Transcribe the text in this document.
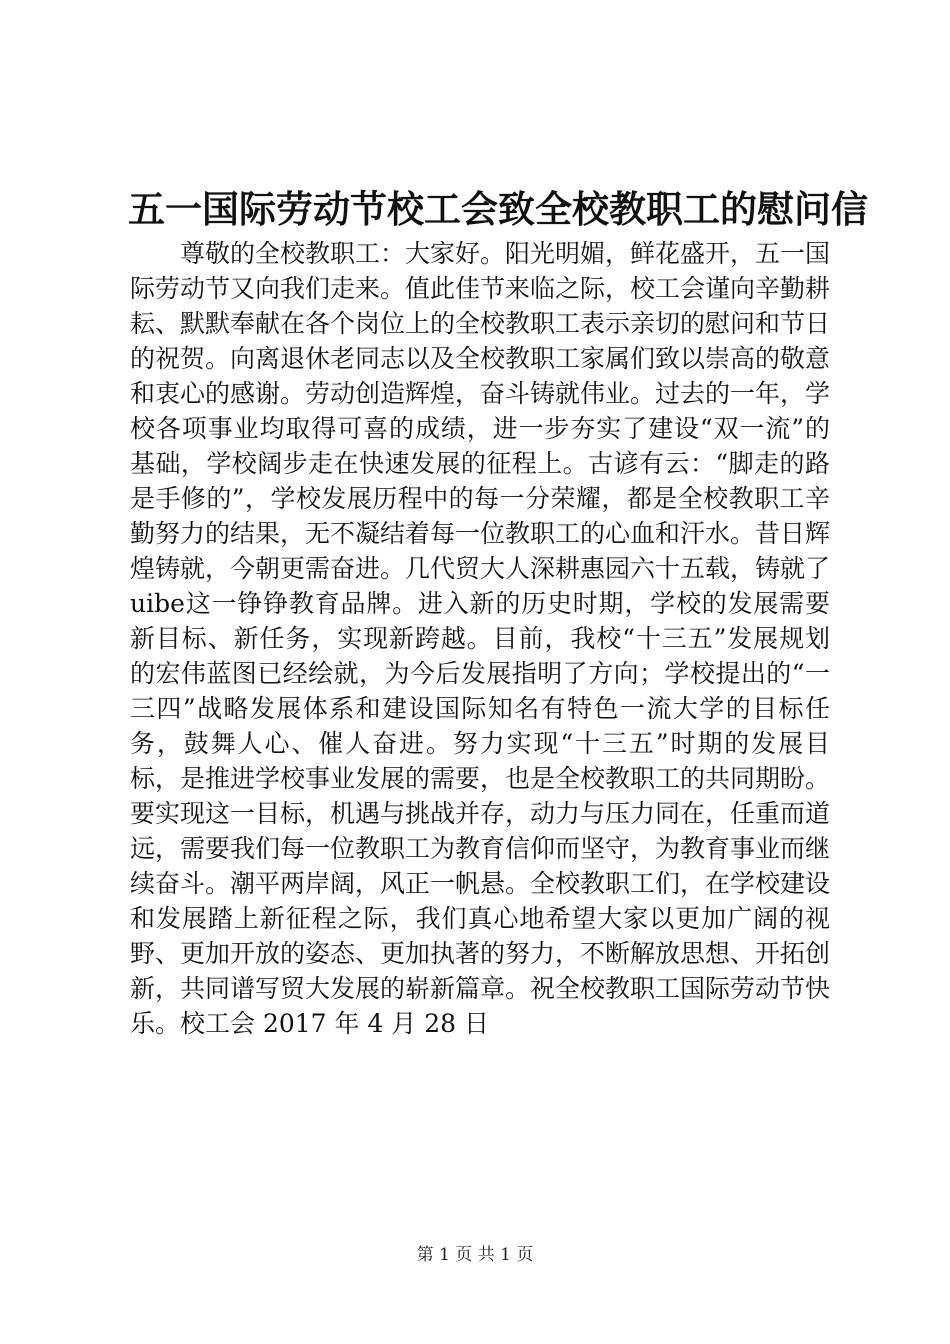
五一国际劳动节校工会致全校教职工的慰问信

尊敬的全校教职工：大家好。阳光明媚，鲜花盛开，五一国际劳动节又向我们走来。值此佳节来临之际，校工会谨向辛勤耕耘、默默奉献在各个岗位上的全校教职工表示亲切的慰问和节日的祝贺。向离退休老同志以及全校教职工家属们致以崇高的敬意和衷心的感谢。劳动创造辉煌，奋斗铸就伟业。过去的一年，学校各项事业均取得可喜的成绩，进一步夯实了建设“双一流”的基础，学校阔步走在快速发展的征程上。古谚有云：“脚走的路是手修的”，学校发展历程中的每一分荣耀，都是全校教职工辛勤努力的结果，无不凝结着每一位教职工的心血和汗水。昔日辉煌铸就，今朝更需奋进。几代贸大人深耕惠园六十五载，铸就了uibe这一铮铮教育品牌。进入新的历史时期，学校的发展需要新目标、新任务，实现新跨越。目前，我校“十三五”发展规划的宏伟蓝图已经绘就，为今后发展指明了方向；学校提出的“一三四”战略发展体系和建设国际知名有特色一流大学的目标任务，鼓舞人心、催人奋进。努力实现“十三五”时期的发展目标，是推进学校事业发展的需要，也是全校教职工的共同期盼。要实现这一目标，机遇与挑战并存，动力与压力同在，任重而道远，需要我们每一位教职工为教育信仰而坚守，为教育事业而继续奋斗。潮平两岸阔，风正一帆悬。全校教职工们，在学校建设和发展踏上新征程之际，我们真心地希望大家以更加广阔的视野、更加开放的姿态、更加执著的努力，不断解放思想、开拓创新，共同谱写贸大发展的崭新篇章。祝全校教职工国际劳动节快乐。校工会 2017 年 4 月 28 日

第 1 页 共 1 页
